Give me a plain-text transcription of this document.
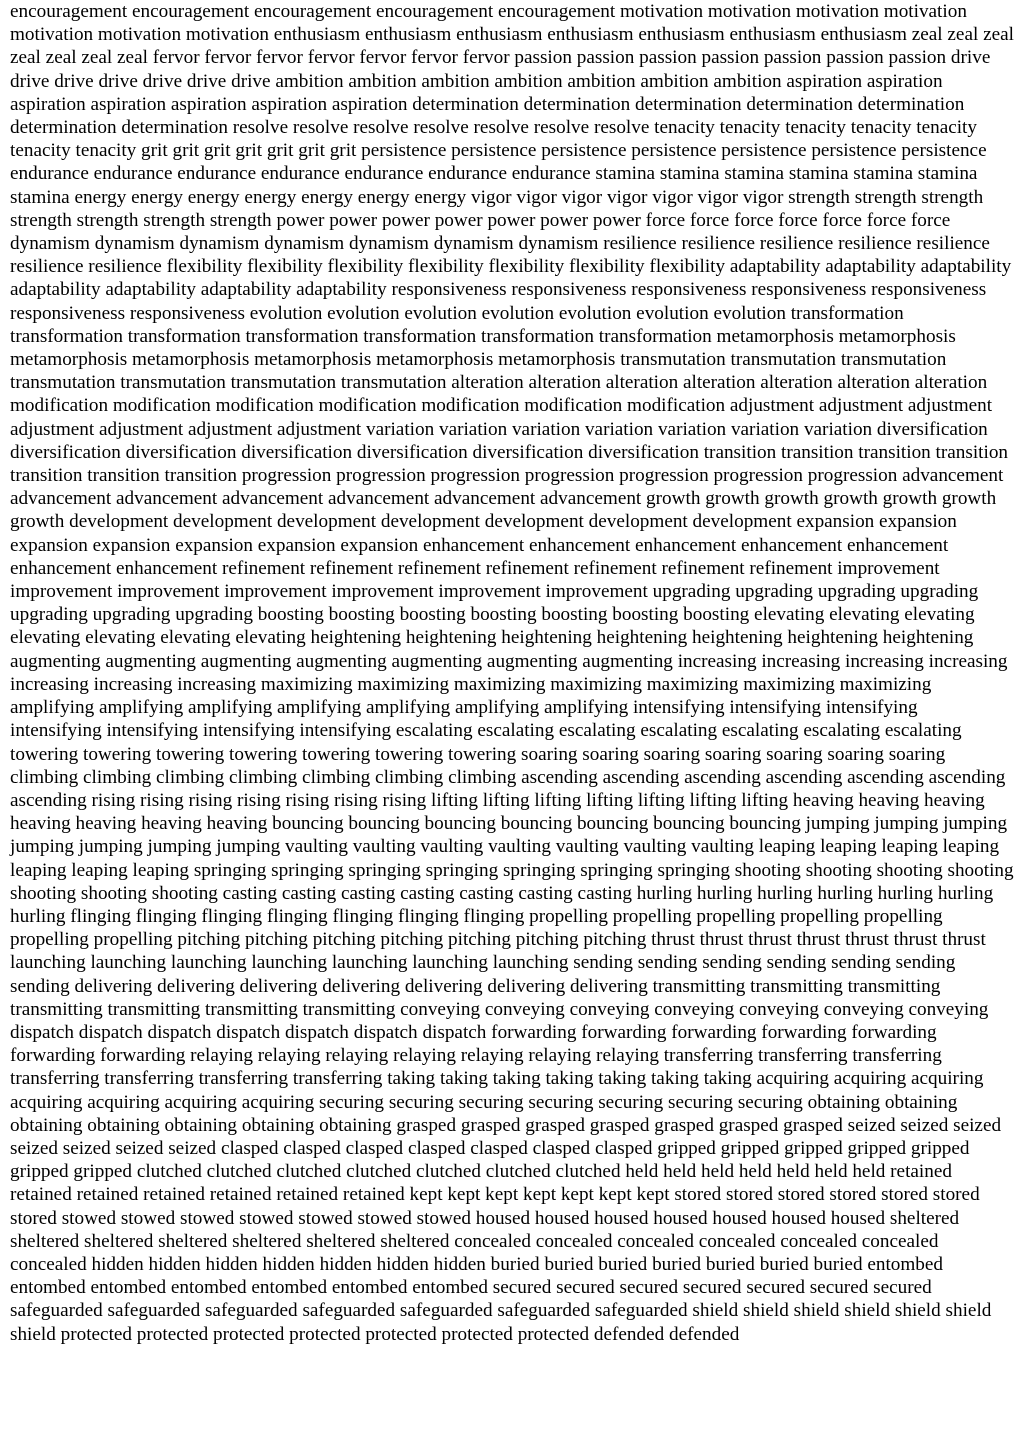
encouragement encouragement encouragement encouragement encouragement motivation motivation motivation motivation motivation motivation motivation enthusiasm enthusiasm enthusiasm enthusiasm enthusiasm enthusiasm enthusiasm zeal zeal zeal zeal zeal zeal zeal fervor fervor fervor fervor fervor fervor fervor passion passion passion passion passion passion passion drive drive drive drive drive drive drive ambition ambition ambition ambition ambition ambition ambition aspiration aspiration aspiration aspiration aspiration aspiration aspiration determination determination determination determination determination determination determination resolve resolve resolve resolve resolve resolve resolve tenacity tenacity tenacity tenacity tenacity tenacity tenacity grit grit grit grit grit grit grit persistence persistence persistence persistence persistence persistence persistence endurance endurance endurance endurance endurance endurance endurance stamina stamina stamina stamina stamina stamina stamina energy energy energy energy energy energy energy vigor vigor vigor vigor vigor vigor vigor strength strength strength strength strength strength strength power power power power power power power force force force force force force force dynamism dynamism dynamism dynamism dynamism dynamism dynamism resilience resilience resilience resilience resilience resilience resilience flexibility flexibility flexibility flexibility flexibility flexibility flexibility adaptability adaptability adaptability adaptability adaptability adaptability adaptability responsiveness responsiveness responsiveness responsiveness responsiveness responsiveness responsiveness evolution evolution evolution evolution evolution evolution evolution transformation transformation transformation transformation transformation transformation transformation metamorphosis metamorphosis metamorphosis metamorphosis metamorphosis metamorphosis metamorphosis transmutation transmutation transmutation transmutation transmutation transmutation transmutation alteration alteration alteration alteration alteration alteration alteration modification modification modification modification modification modification modification adjustment adjustment adjustment adjustment adjustment adjustment adjustment variation variation variation variation variation variation variation diversification diversification diversification diversification diversification diversification diversification transition transition transition transition transition transition transition progression progression progression progression progression progression progression advancement advancement advancement advancement advancement advancement advancement growth growth growth growth growth growth growth development development development development development development development expansion expansion expansion expansion expansion expansion expansion enhancement enhancement enhancement enhancement enhancement enhancement enhancement refinement refinement refinement refinement refinement refinement refinement improvement improvement improvement improvement improvement improvement improvement upgrading upgrading upgrading upgrading upgrading upgrading upgrading boosting boosting boosting boosting boosting boosting boosting elevating elevating elevating elevating elevating elevating elevating heightening heightening heightening heightening heightening heightening heightening augmenting augmenting augmenting augmenting augmenting augmenting augmenting increasing increasing increasing increasing increasing increasing increasing maximizing maximizing maximizing maximizing maximizing maximizing maximizing amplifying amplifying amplifying amplifying amplifying amplifying amplifying intensifying intensifying intensifying intensifying intensifying intensifying intensifying escalating escalating escalating escalating escalating escalating escalating towering towering towering towering towering towering towering soaring soaring soaring soaring soaring soaring soaring climbing climbing climbing climbing climbing climbing climbing ascending ascending ascending ascending ascending ascending ascending rising rising rising rising rising rising rising lifting lifting lifting lifting lifting lifting lifting heaving heaving heaving heaving heaving heaving heaving bouncing bouncing bouncing bouncing bouncing bouncing bouncing jumping jumping jumping jumping jumping jumping jumping vaulting vaulting vaulting vaulting vaulting vaulting vaulting leaping leaping leaping leaping leaping leaping leaping springing springing springing springing springing springing springing shooting shooting shooting shooting shooting shooting shooting casting casting casting casting casting casting casting hurling hurling hurling hurling hurling hurling hurling flinging flinging flinging flinging flinging flinging flinging propelling propelling propelling propelling propelling propelling propelling pitching pitching pitching pitching pitching pitching pitching thrust thrust thrust thrust thrust thrust thrust launching launching launching launching launching launching launching sending sending sending sending sending sending sending delivering delivering delivering delivering delivering delivering delivering transmitting transmitting transmitting transmitting transmitting transmitting transmitting conveying conveying conveying conveying conveying conveying conveying dispatch dispatch dispatch dispatch dispatch dispatch dispatch forwarding forwarding forwarding forwarding forwarding forwarding forwarding relaying relaying relaying relaying relaying relaying relaying transferring transferring transferring transferring transferring transferring transferring taking taking taking taking taking taking taking acquiring acquiring acquiring acquiring acquiring acquiring acquiring securing securing securing securing securing securing securing obtaining obtaining obtaining obtaining obtaining obtaining obtaining grasped grasped grasped grasped grasped grasped grasped seized seized seized seized seized seized seized clasped clasped clasped clasped clasped clasped clasped gripped gripped gripped gripped gripped gripped gripped clutched clutched clutched clutched clutched clutched clutched held held held held held held held retained retained retained retained retained retained retained kept kept kept kept kept kept kept stored stored stored stored stored stored stored stowed stowed stowed stowed stowed stowed stowed housed housed housed housed housed housed housed sheltered sheltered sheltered sheltered sheltered sheltered sheltered concealed concealed concealed concealed concealed concealed concealed hidden hidden hidden hidden hidden hidden hidden buried buried buried buried buried buried buried entombed entombed entombed entombed entombed entombed entombed secured secured secured secured secured secured secured safeguarded safeguarded safeguarded safeguarded safeguarded safeguarded safeguarded shield shield shield shield shield shield shield protected protected protected protected protected protected protected defended defended
